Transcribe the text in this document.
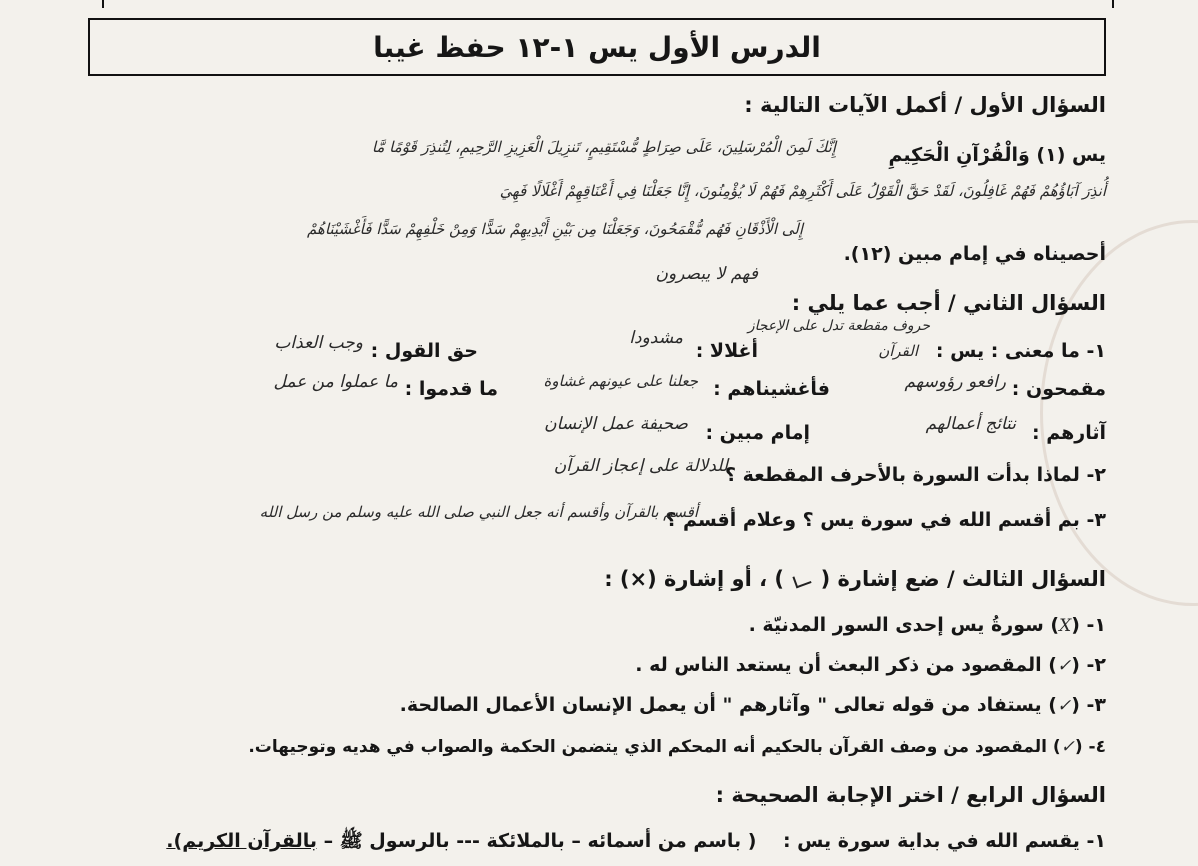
الدرس الأول يس ١-١٢ حفظ غيبا
السؤال الأول / أكمل الآيات التالية :
يس (١) وَالْقُرْآنِ الْحَكِيمِ
إِنَّكَ لَمِنَ الْمُرْسَلِينَ، عَلَى صِرَاطٍ مُّسْتَقِيمٍ، تَنزِيلَ الْعَزِيزِ الرَّحِيمِ، لِتُنذِرَ قَوْمًا مَّا
أُنذِرَ آبَاؤُهُمْ فَهُمْ غَافِلُونَ، لَقَدْ حَقَّ الْقَوْلُ عَلَى أَكْثَرِهِمْ فَهُمْ لَا يُؤْمِنُونَ، إِنَّا جَعَلْنَا فِي أَعْنَاقِهِمْ أَغْلَالًا فَهِيَ
إِلَى الْأَذْقَانِ فَهُم مُّقْمَحُونَ، وَجَعَلْنَا مِن بَيْنِ أَيْدِيهِمْ سَدًّا وَمِنْ خَلْفِهِمْ سَدًّا فَأَغْشَيْنَاهُمْ
أحصيناه في إمام مبين (١٢).
فهم لا يبصرون
السؤال الثاني / أجب عما يلي :
١- ما معنى : يس :
حروف مقطعة تدل على الإعجاز
القرآن
أغلالا :
مشدودا
حق القول :
وجب العذاب
مقمحون :
رافعو رؤوسهم
فأغشيناهم :
جعلنا على عيونهم غشاوة
ما قدموا :
ما عملوا من عمل
آثارهم :
نتائج أعمالهم
إمام مبين :
صحيفة عمل الإنسان
٢- لماذا بدأت السورة بالأحرف المقطعة ؟
للدلالة على إعجاز القرآن
٣- بم أقسم الله في سورة يس ؟ وعلام أقسم ؟
أقسم بالقرآن وأقسم أنه جعل النبي صلى الله عليه وسلم من رسل الله
السؤال الثالث / ضع إشارة (  ) ، أو إشارة (×) :
١- (X) سورةُ يس إحدى السور المدنيّة .
٢- (✓) المقصود من ذكر البعث أن يستعد الناس له .
٣- (✓) يستفاد من قوله تعالى " وآثارهم " أن يعمل الإنسان الأعمال الصالحة.
٤- (✓) المقصود من وصف القرآن بالحكيم أنه المحكم الذي يتضمن الحكمة والصواب في هديه وتوجيهات.
السؤال الرابع / اختر الإجابة الصحيحة :
١- يقسم الله في بداية سورة يس :    ( باسم من أسمائه – بالملائكة --- بالرسول ﷺ – بالقرآن الكريم).
